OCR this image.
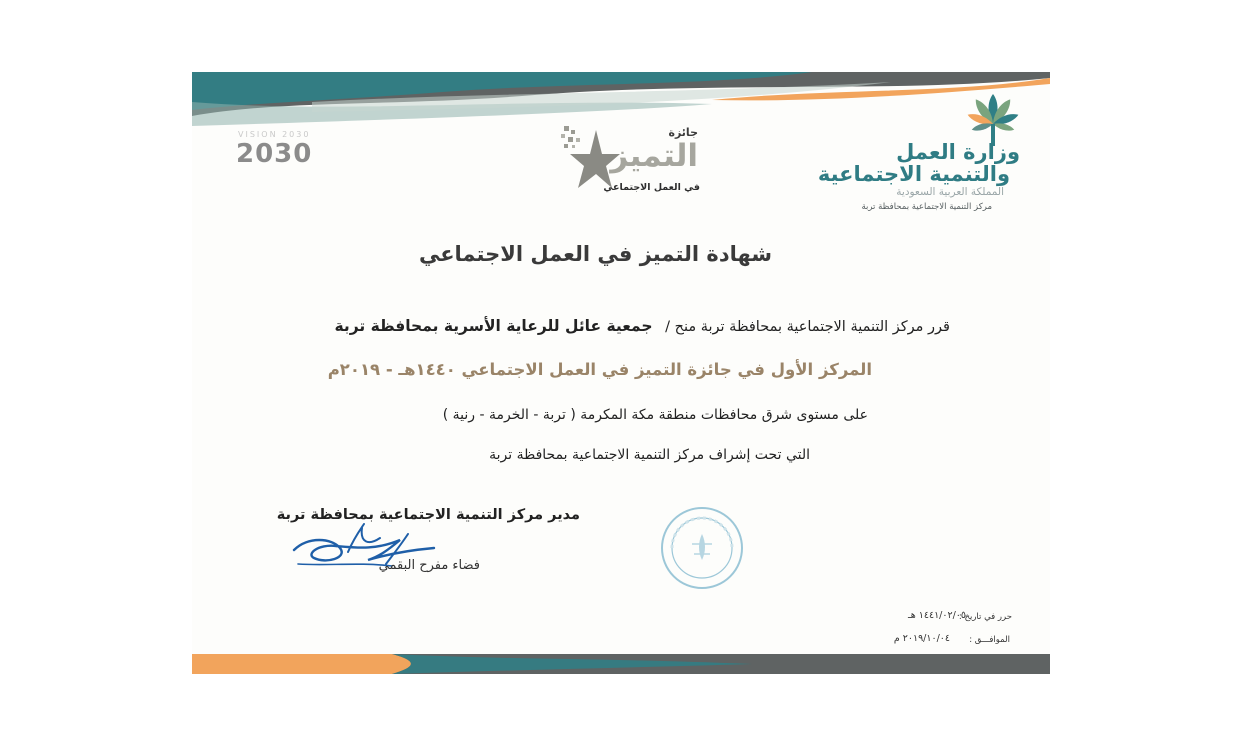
VISION 2030
2030
جائزة
التميز
في العمل الاجتماعي
وزارة العمل
والتنمية الاجتماعية
المملكة العربية السعودية
مركز التنمية الاجتماعية بمحافظة تربة
شهادة التميز في العمل الاجتماعي
قرر مركز التنمية الاجتماعية بمحافظة تربة منح / جمعية عائل للرعاية الأسرية بمحافظة تربة
المركز الأول في جائزة التميز في العمل الاجتماعي ١٤٤٠هـ - ٢٠١٩م
على مستوى شرق محافظات منطقة مكة المكرمة ( تربة - الخرمة - رنية )
التي تحت إشراف مركز التنمية الاجتماعية بمحافظة تربة
مدير مركز التنمية الاجتماعية بمحافظة تربة
فضاء مفرح البقمي
حرر في تاريخ :
١٤٤١/٠٢/٠٥ هـ
الموافـــق :
٢٠١٩/١٠/٠٤ م
